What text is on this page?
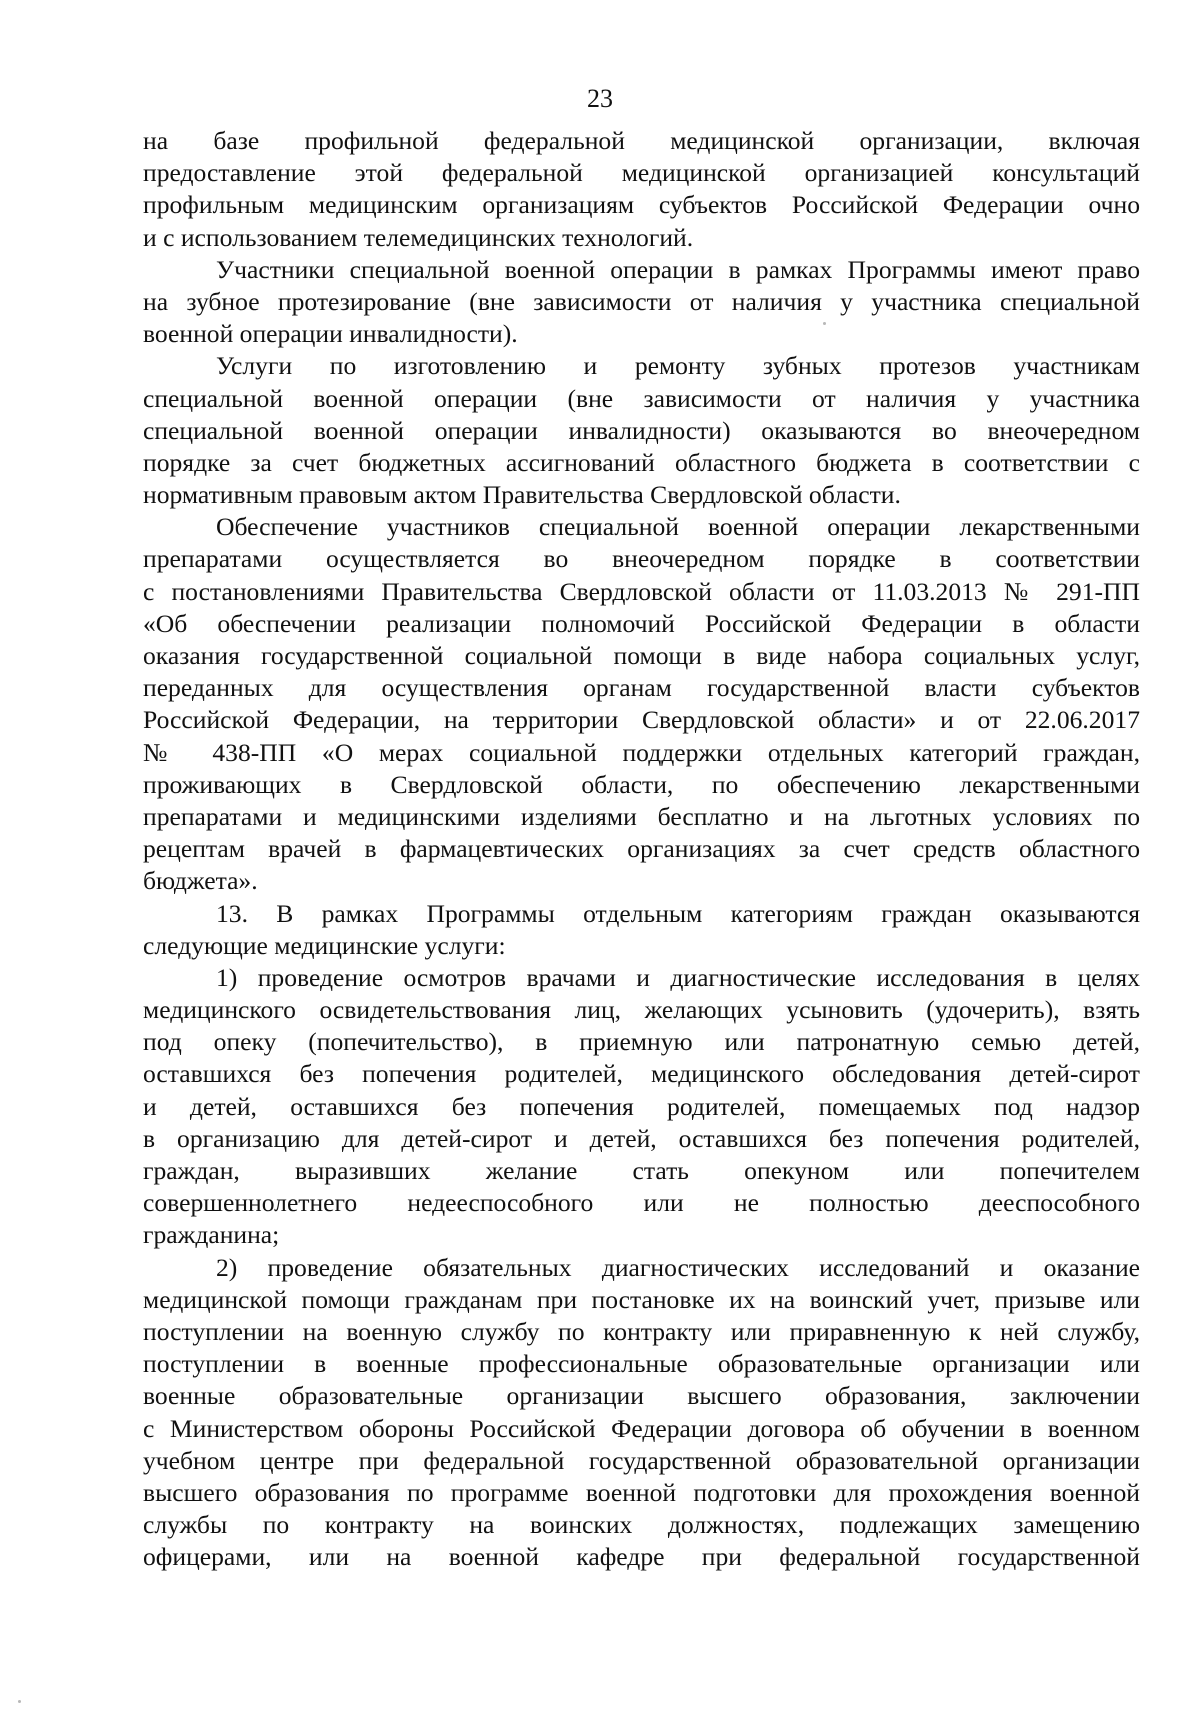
23
на базе профильной федеральной медицинской организации, включая
предоставление этой федеральной медицинской организацией консультаций
профильным медицинским организациям субъектов Российской Федерации очно
и с использованием телемедицинских технологий.
Участники специальной военной операции в рамках Программы имеют право
на зубное протезирование (вне зависимости от наличия у участника специальной
военной операции инвалидности).
Услуги по изготовлению и ремонту зубных протезов участникам
специальной военной операции (вне зависимости от наличия у участника
специальной военной операции инвалидности) оказываются во внеочередном
порядке за счет бюджетных ассигнований областного бюджета в соответствии с
нормативным правовым актом Правительства Свердловской области.
Обеспечение участников специальной военной операции лекарственными
препаратами осуществляется во внеочередном порядке в соответствии
с постановлениями Правительства Свердловской области от 11.03.2013 № 291-ПП
«Об обеспечении реализации полномочий Российской Федерации в области
оказания государственной социальной помощи в виде набора социальных услуг,
переданных для осуществления органам государственной власти субъектов
Российской Федерации, на территории Свердловской области» и от 22.06.2017
№ 438-ПП «О мерах социальной поддержки отдельных категорий граждан,
проживающих в Свердловской области, по обеспечению лекарственными
препаратами и медицинскими изделиями бесплатно и на льготных условиях по
рецептам врачей в фармацевтических организациях за счет средств областного
бюджета».
13. В рамках Программы отдельным категориям граждан оказываются
следующие медицинские услуги:
1) проведение осмотров врачами и диагностические исследования в целях
медицинского освидетельствования лиц, желающих усыновить (удочерить), взять
под опеку (попечительство), в приемную или патронатную семью детей,
оставшихся без попечения родителей, медицинского обследования детей-сирот
и детей, оставшихся без попечения родителей, помещаемых под надзор
в организацию для детей-сирот и детей, оставшихся без попечения родителей,
граждан, выразивших желание стать опекуном или попечителем
совершеннолетнего недееспособного или не полностью дееспособного
гражданина;
2) проведение обязательных диагностических исследований и оказание
медицинской помощи гражданам при постановке их на воинский учет, призыве или
поступлении на военную службу по контракту или приравненную к ней службу,
поступлении в военные профессиональные образовательные организации или
военные образовательные организации высшего образования, заключении
с Министерством обороны Российской Федерации договора об обучении в военном
учебном центре при федеральной государственной образовательной организации
высшего образования по программе военной подготовки для прохождения военной
службы по контракту на воинских должностях, подлежащих замещению
офицерами, или на военной кафедре при федеральной государственной
